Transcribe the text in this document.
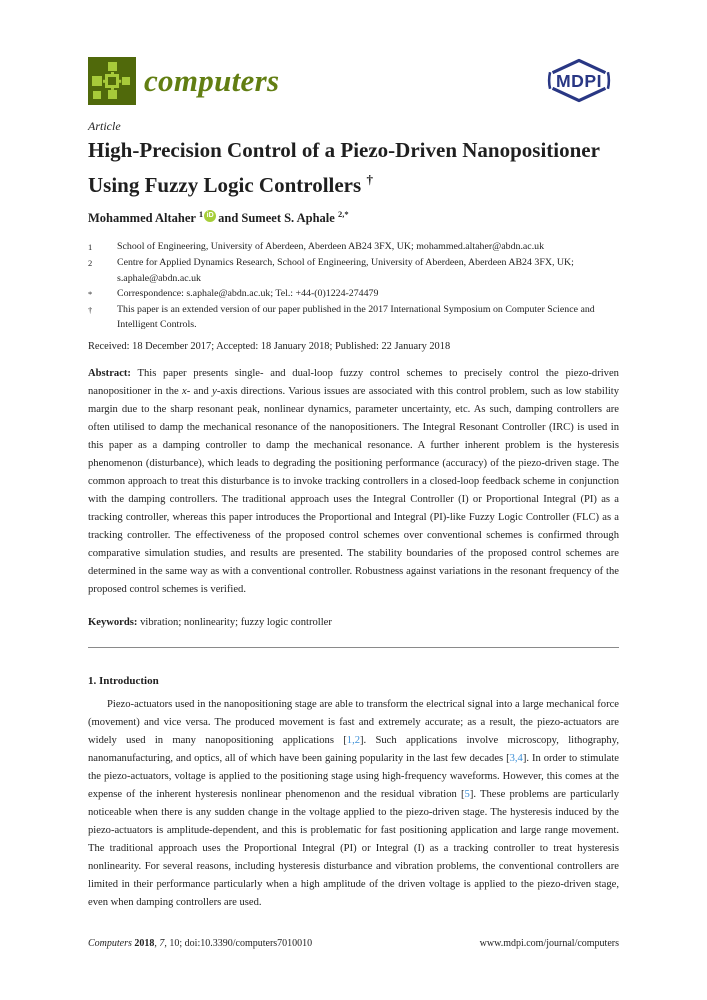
computers	MDPI
Article
High-Precision Control of a Piezo-Driven Nanopositioner Using Fuzzy Logic Controllers †

Mohammed Altaher $^1$ iD and Sumeet S. Aphale $^{2,*}$

1	School of Engineering, University of Aberdeen, Aberdeen AB24 3FX, UK; mohammed.altaher@abdn.ac.uk
2	Centre for Applied Dynamics Research, School of Engineering, University of Aberdeen, Aberdeen AB24 3FX, UK; s.aphale@abdn.ac.uk
*	Correspondence: s.aphale@abdn.ac.uk; Tel.: +44-(0)1224-274479
†	This paper is an extended version of our paper published in the 2017 International Symposium on Computer Science and Intelligent Controls.
Received: 18 December 2017; Accepted: 18 January 2018; Published: 22 January 2018

Abstract: This paper presents single- and dual-loop fuzzy control schemes to precisely control the piezo-driven nanopositioner in the x- and y-axis directions. Various issues are associated with this control problem, such as low stability margin due to the sharp resonant peak, nonlinear dynamics, parameter uncertainty, etc. As such, damping controllers are often utilised to damp the mechanical resonance of the nanopositioners. The Integral Resonant Controller (IRC) is used in this paper as a damping controller to damp the mechanical resonance. A further inherent problem is the hysteresis phenomenon (disturbance), which leads to degrading the positioning performance (accuracy) of the piezo-driven stage. The common approach to treat this disturbance is to invoke tracking controllers in a closed-loop feedback scheme in conjunction with the damping controllers. The traditional approach uses the Integral Controller (I) or Proportional Integral (PI) as a tracking controller, whereas this paper introduces the Proportional and Integral (PI)-like Fuzzy Logic Controller (FLC) as a tracking controller. The effectiveness of the proposed control schemes over conventional schemes is confirmed through comparative simulation studies, and results are presented. The stability boundaries of the proposed control schemes are determined in the same way as with a conventional controller. Robustness against variations in the resonant frequency of the proposed control schemes is verified.

Keywords: vibration; nonlinearity; fuzzy logic controller

1. Introduction

Piezo-actuators used in the nanopositioning stage are able to transform the electrical signal into a large mechanical force (movement) and vice versa. The produced movement is fast and extremely accurate; as a result, the piezo-actuators are widely used in many nanopositioning applications [1,2]. Such applications involve microscopy, lithography, nanomanufacturing, and optics, all of which have been gaining popularity in the last few decades [3,4]. In order to stimulate the piezo-actuators, voltage is applied to the positioning stage using high-frequency waveforms. However, this comes at the expense of the inherent hysteresis nonlinear phenomenon and the residual vibration [5]. These problems are particularly noticeable when there is any sudden change in the voltage applied to the piezo-driven stage. The hysteresis induced by the piezo-actuators is amplitude-dependent, and this is problematic for fast positioning application and large range movement. The traditional approach uses the Proportional Integral (PI) or Integral (I) as a tracking controller to treat hysteresis nonlinearity. For several reasons, including hysteresis disturbance and vibration problems, the conventional controllers are limited in their performance particularly when a high amplitude of the driven voltage is applied to the piezo-driven stage, even when damping controllers are used.

Computers 2018, 7, 10; doi:10.3390/computers7010010	www.mdpi.com/journal/computers
